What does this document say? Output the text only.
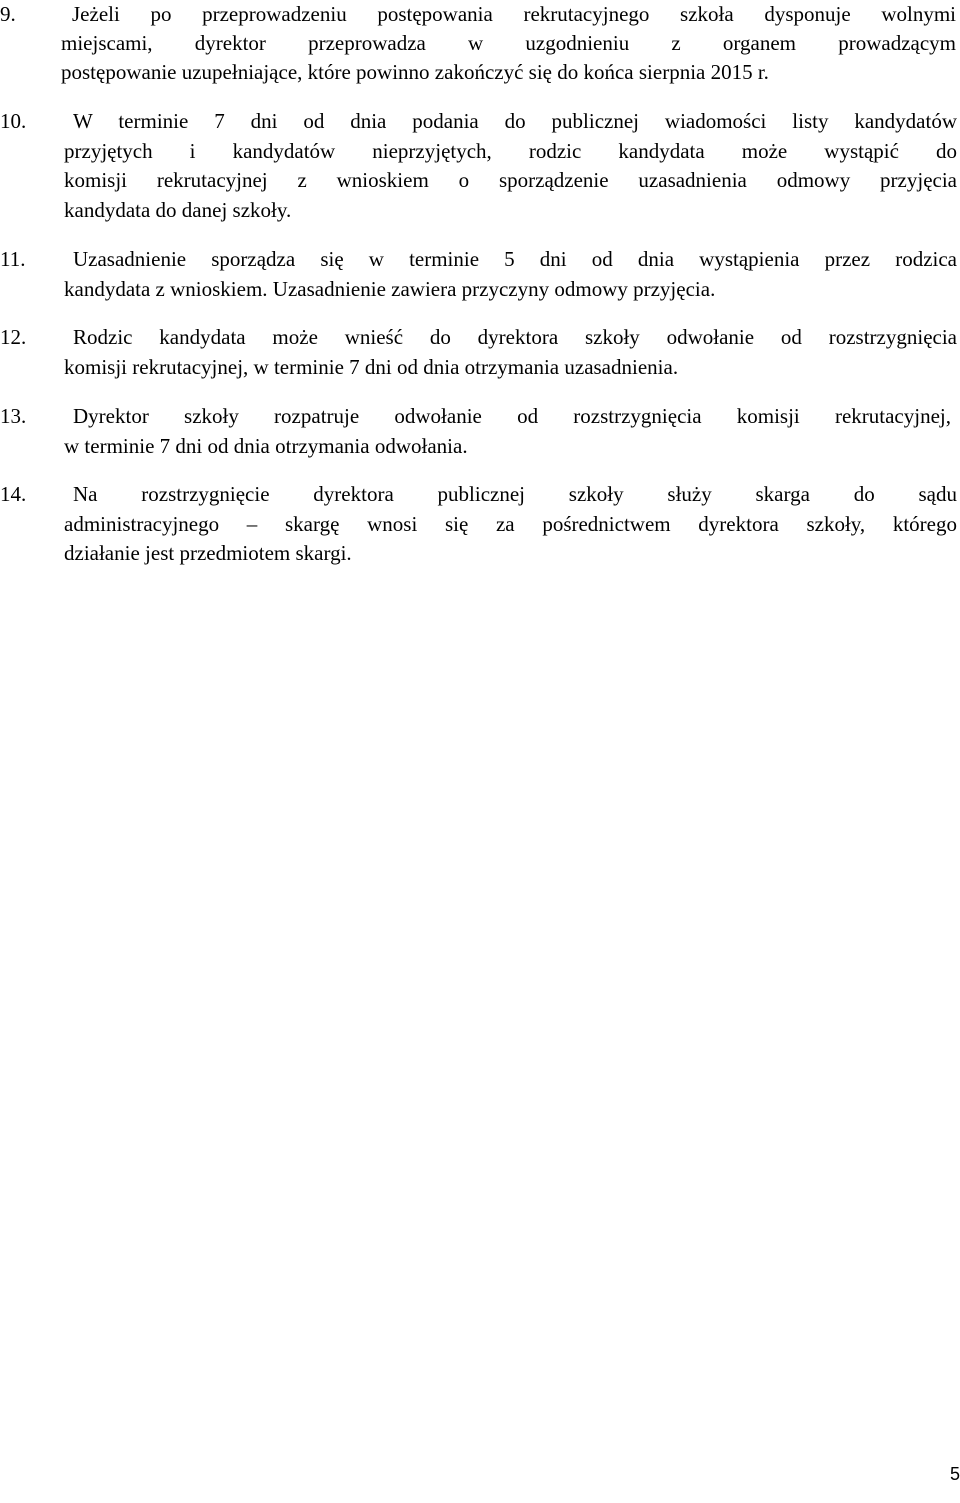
9.	Jeżeli po przeprowadzeniu postępowania rekrutacyjnego szkoła dysponuje wolnymi
miejscami, dyrektor przeprowadza w uzgodnieniu z organem prowadzącym
postępowanie uzupełniające, które powinno zakończyć się do końca sierpnia 2015 r.
10. W terminie 7 dni od dnia podania do publicznej wiadomości listy kandydatów
przyjętych i kandydatów nieprzyjętych, rodzic kandydata może wystąpić do
komisji rekrutacyjnej z wnioskiem o sporządzenie uzasadnienia odmowy przyjęcia
kandydata do danej szkoły.
11. Uzasadnienie sporządza się w terminie 5 dni od dnia wystąpienia przez rodzica
kandydata z wnioskiem. Uzasadnienie zawiera przyczyny odmowy przyjęcia.
12. Rodzic kandydata może wnieść do dyrektora szkoły odwołanie od rozstrzygnięcia
komisji rekrutacyjnej, w terminie 7 dni od dnia otrzymania uzasadnienia.
13. Dyrektor szkoły rozpatruje odwołanie od rozstrzygnięcia komisji rekrutacyjnej,
w terminie 7 dni od dnia otrzymania odwołania.
14. Na rozstrzygnięcie dyrektora publicznej szkoły służy skarga do sądu
administracyjnego – skargę wnosi się za pośrednictwem dyrektora szkoły, którego
działanie jest przedmiotem skargi.
5
